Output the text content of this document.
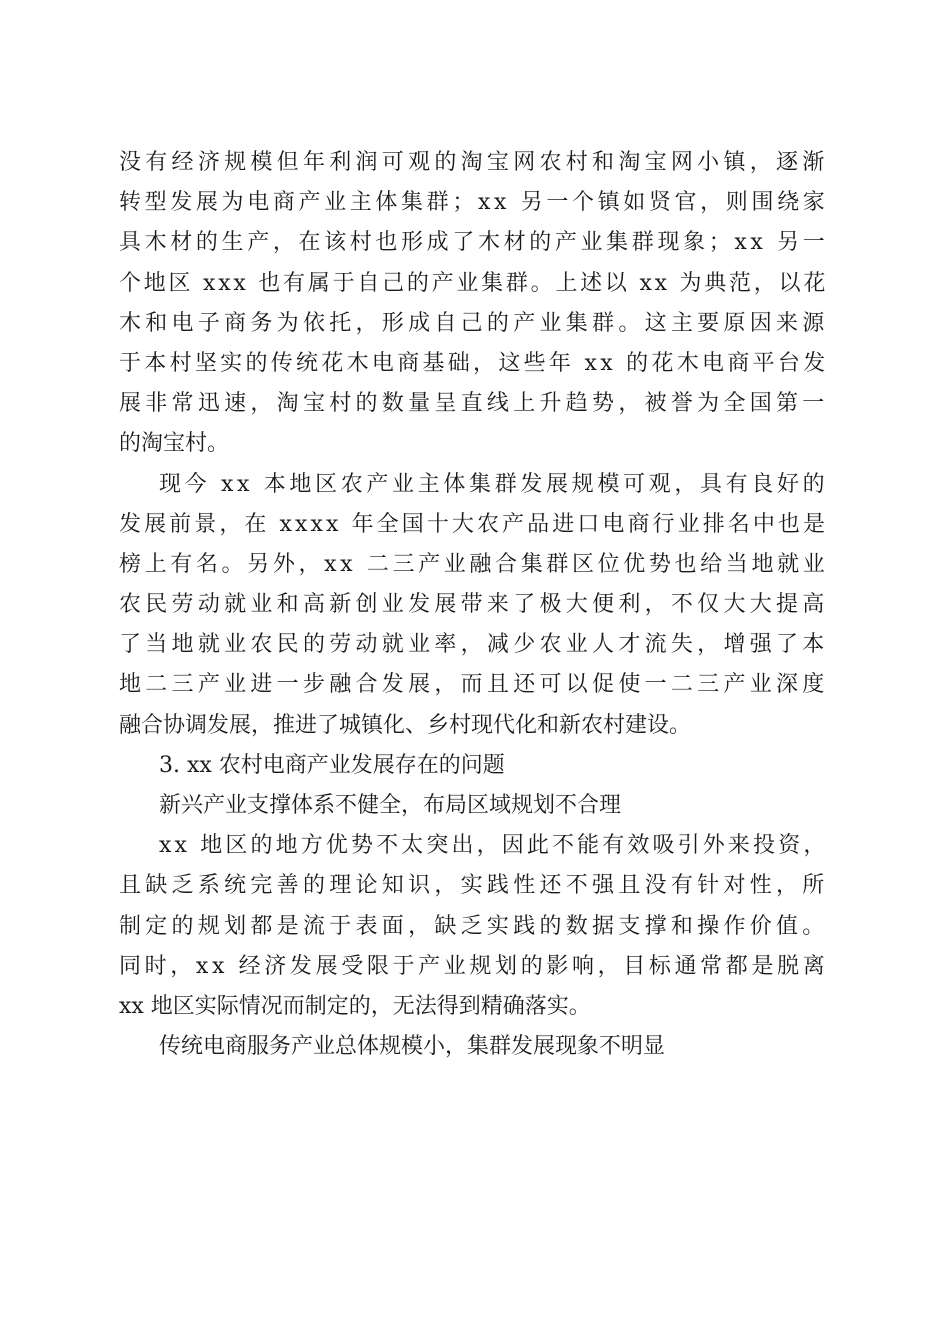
没有经济规模但年利润可观的淘宝网农村和淘宝网小镇，逐渐
转型发展为电商产业主体集群；xx 另一个镇如贤官，则围绕家
具木材的生产，在该村也形成了木材的产业集群现象；xx 另一
个地区 xxx 也有属于自己的产业集群。上述以 xx 为典范，以花
木和电子商务为依托，形成自己的产业集群。这主要原因来源
于本村坚实的传统花木电商基础，这些年 xx 的花木电商平台发
展非常迅速，淘宝村的数量呈直线上升趋势，被誉为全国第一
的淘宝村。
现今 xx 本地区农产业主体集群发展规模可观，具有良好的
发展前景，在 xxxx 年全国十大农产品进口电商行业排名中也是
榜上有名。另外，xx 二三产业融合集群区位优势也给当地就业
农民劳动就业和高新创业发展带来了极大便利，不仅大大提高
了当地就业农民的劳动就业率，减少农业人才流失，增强了本
地二三产业进一步融合发展，而且还可以促使一二三产业深度
融合协调发展，推进了城镇化、乡村现代化和新农村建设。
3. xx 农村电商产业发展存在的问题
新兴产业支撑体系不健全，布局区域规划不合理
xx 地区的地方优势不太突出，因此不能有效吸引外来投资，
且缺乏系统完善的理论知识，实践性还不强且没有针对性，所
制定的规划都是流于表面，缺乏实践的数据支撑和操作价值。
同时，xx 经济发展受限于产业规划的影响，目标通常都是脱离
xx 地区实际情况而制定的，无法得到精确落实。
传统电商服务产业总体规模小，集群发展现象不明显
